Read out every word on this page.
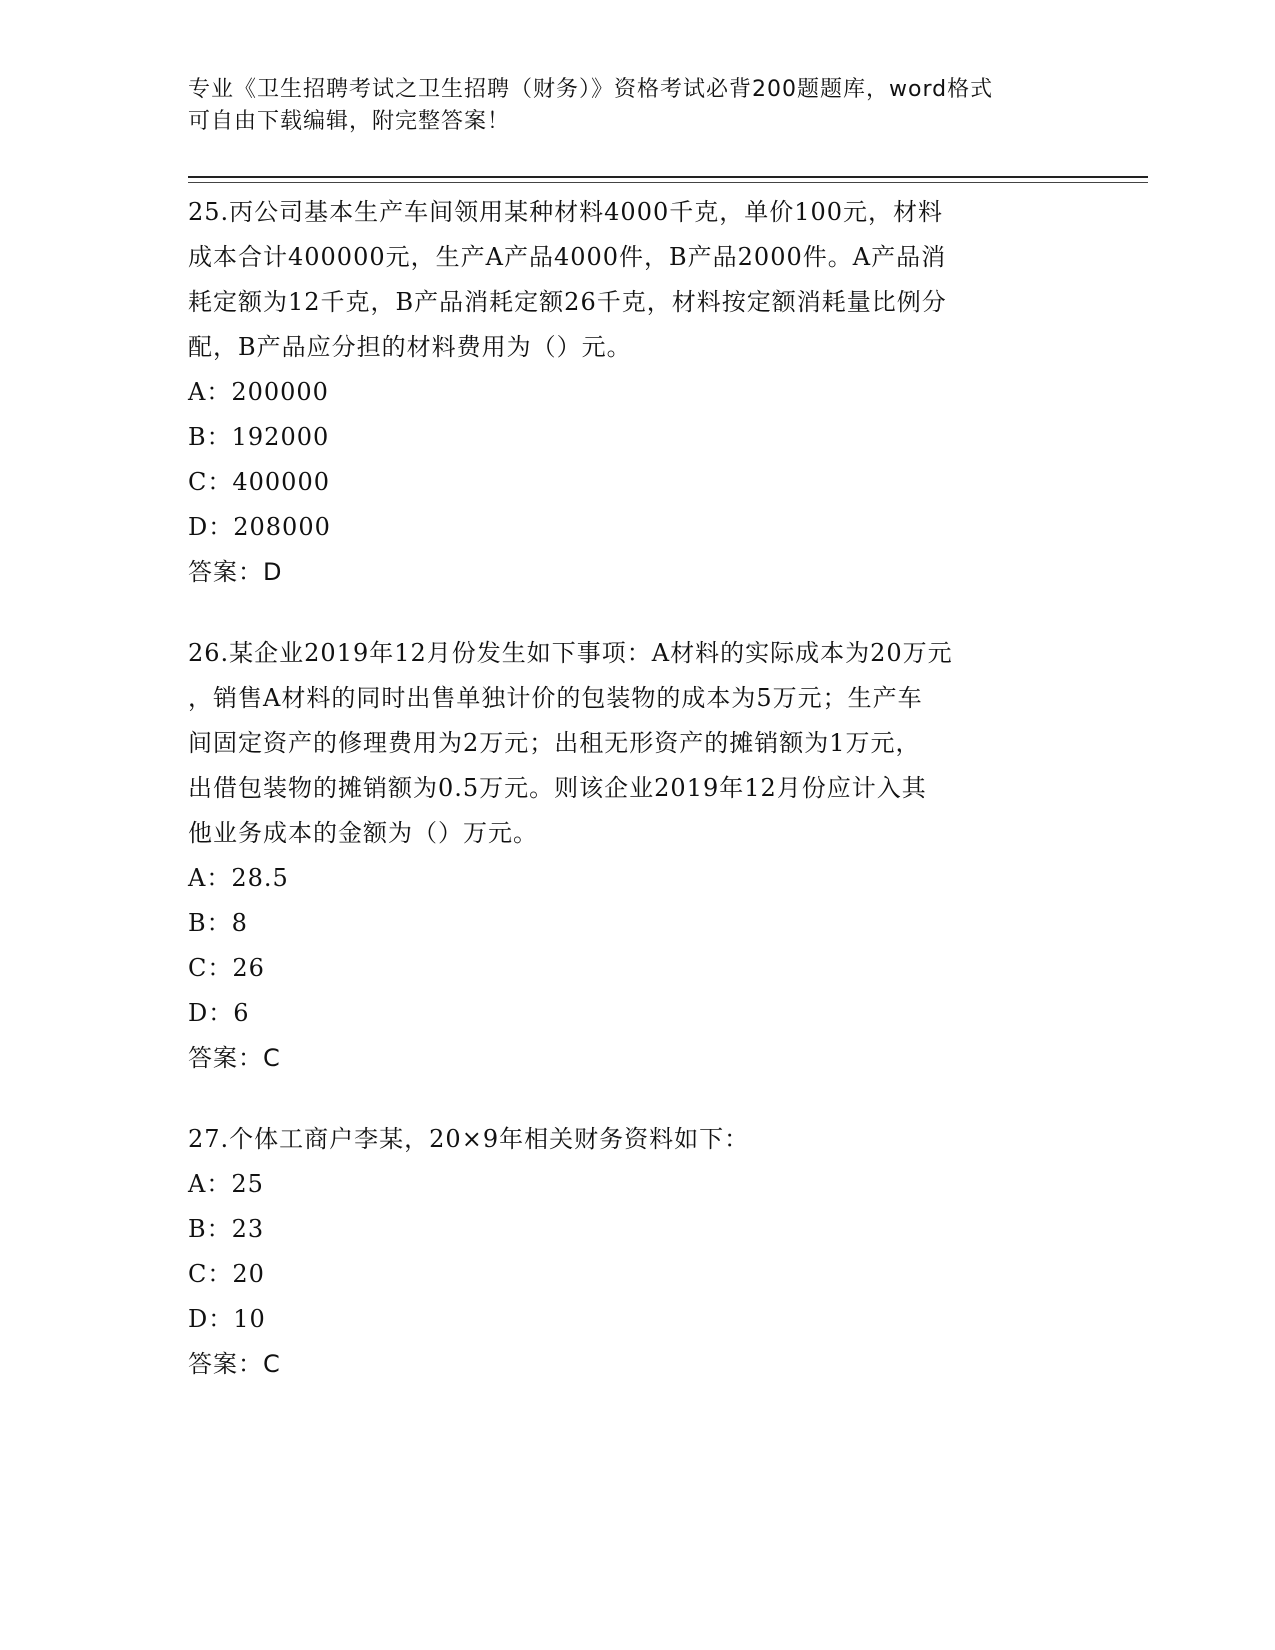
专业《卫生招聘考试之卫生招聘（财务）》资格考试必背200题题库，word格式
可自由下载编辑，附完整答案！
25.丙公司基本生产车间领用某种材料4000千克，单价100元，材料
成本合计400000元，生产A产品4000件，B产品2000件。A产品消
耗定额为12千克，B产品消耗定额26千克，材料按定额消耗量比例分
配，B产品应分担的材料费用为（）元。
A：200000
B：192000
C：400000
D：208000
答案：D
26.某企业2019年12月份发生如下事项：A材料的实际成本为20万元
，销售A材料的同时出售单独计价的包装物的成本为5万元；生产车
间固定资产的修理费用为2万元；出租无形资产的摊销额为1万元，
出借包装物的摊销额为0.5万元。则该企业2019年12月份应计入其
他业务成本的金额为（）万元。
A：28.5
B：8
C：26
D：6
答案：C
27.个体工商户李某，20×9年相关财务资料如下：
A：25
B：23
C：20
D：10
答案：C
